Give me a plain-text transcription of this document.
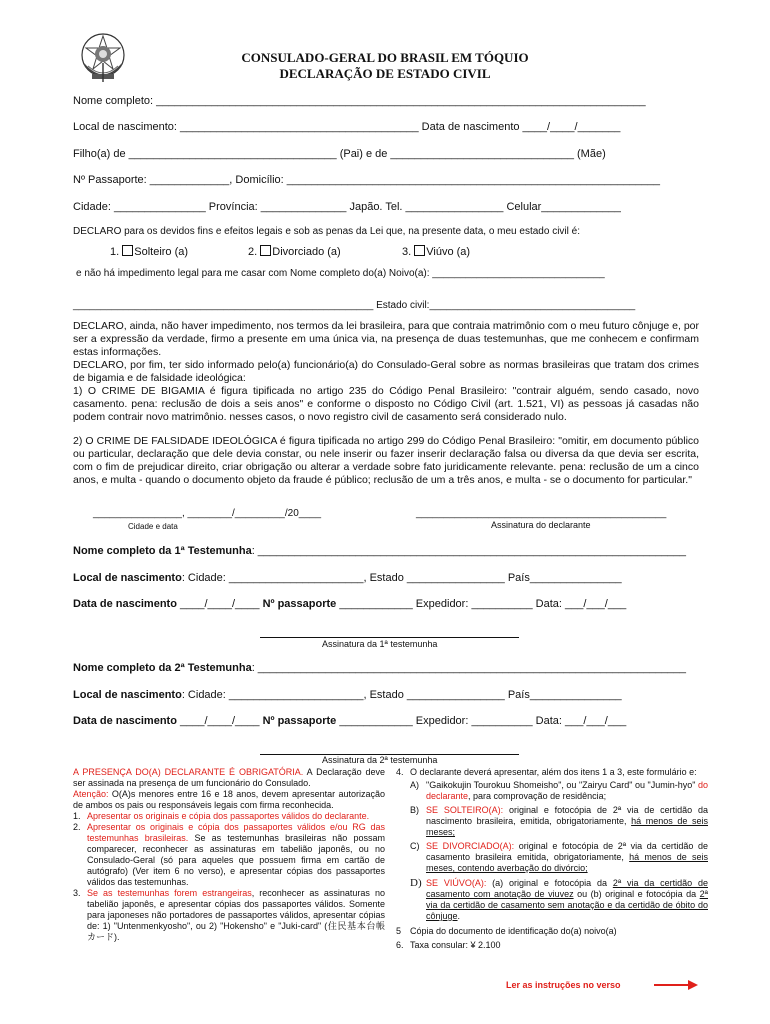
CONSULADO-GERAL DO BRASIL EM TÓQUIO
DECLARAÇÃO DE ESTADO CIVIL
Nome completo: ________________________________________________________________________________
Local de nascimento: _______________________________________ Data de nascimento ____/____/_______
Filho(a) de __________________________________ (Pai) e de ______________________________ (Mãe)
Nº Passaporte: _____________, Domicílio: _____________________________________________________________
Cidade: _______________ Província: ______________ Japão. Tel. ________________ Celular_____________
DECLARO para os devidos fins e efeitos legais e sob as penas da Lei que, na presente data, o meu estado civil é:
1. Solteiro (a)	2. Divorciado (a)	3. Viúvo (a)
e não há impedimento legal para me casar com Nome completo do(a) Noivo(a): _______________________________
______________________________________________________ Estado civil:_____________________________________
DECLARO, ainda, não haver impedimento, nos termos da lei brasileira, para que contraia matrimônio com o meu futuro cônjuge e, por ser a expressão da verdade, firmo a presente em uma única via, na presença de duas testemunhas, que me conhecem e confirmam estas informações.
DECLARO, por fim, ter sido informado pelo(a) funcionário(a) do Consulado-Geral sobre as normas brasileiras que tratam dos crimes de bigamia e de falsidade ideológica:
1) O CRIME DE BIGAMIA é figura tipificada no artigo 235 do Código Penal Brasileiro: "contrair alguém, sendo casado, novo casamento. pena: reclusão de dois a seis anos" e conforme o disposto no Código Civil (art. 1.521, VI) as pessoas já casadas não podem contrair novo matrimônio. nesses casos, o novo registro civil de casamento será considerado nulo.
2) O CRIME DE FALSIDADE IDEOLÓGICA é figura tipificada no artigo 299 do Código Penal Brasileiro: "omitir, em documento público ou particular, declaração que dele devia constar, ou nele inserir ou fazer inserir declaração falsa ou diversa da que devia ser escrita, com o fim de prejudicar direito, criar obrigação ou alterar a verdade sobre fato juridicamente relevante. pena: reclusão de um a cinco anos, e multa - quando o documento objeto da fraude é público; reclusão de um a três anos, e multa - se o documento for particular."
________________, ________/_________/20____
Cidade e data
_____________________________________________
Assinatura do declarante
Nome completo da 1ª Testemunha: ______________________________________________________________________
Local de nascimento: Cidade: ______________________, Estado ________________ País_______________
Data de nascimento ____/____/____ Nº passaporte ____________ Expedidor: __________ Data: ___/___/___
Assinatura da 1ª testemunha
Nome completo da 2ª Testemunha: ______________________________________________________________________
Local de nascimento: Cidade: ______________________, Estado ________________ País_______________
Data de nascimento ____/____/____ Nº passaporte ____________ Expedidor: __________ Data: ___/___/___
Assinatura da 2ª testemunha

A PRESENÇA DO(A) DECLARANTE É OBRIGATÓRIA. A Declaração deve ser assinada na presença de um funcionário do Consulado.

Atenção: O(A)s menores entre 16 e 18 anos, devem apresentar autorização de ambos os pais ou responsáveis legais com firma reconhecida.

1. Apresentar os originais e cópia dos passaportes válidos do declarante.
2. Apresentar os originais e cópia dos passaportes válidos e/ou RG das testemunhas brasileiras. Se as testemunhas brasileiras não possam comparecer, reconhecer as assinaturas em tabelião japonês, ou no Consulado-Geral (só para aqueles que possuem firma em cartão de autógrafo) (Ver item 6 no verso), e apresentar cópias dos passaportes válidos das testemunhas.
3. Se as testemunhas forem estrangeiras, reconhecer as assinaturas no tabelião japonês, e apresentar cópias dos passaportes válidos. Somente para japoneses não portadores de passaportes válidos, apresentar cópias de: 1) "Untenmenkyosho", ou 2) "Hokensho" e "Juki-card" (住民基本台帳カード).
4. O declarante deverá apresentar, além dos itens 1 a 3, este formulário e:
A) "Gaikokujin Tourokuu Shomeisho", ou "Zairyu Card" ou "Jumin-hyo" do declarante, para comprovação de residência;
B) SE SOLTEIRO(A): original e fotocópia de 2ª via de certidão da nascimento brasileira, emitida, obrigatoriamente, há menos de seis meses;
C) SE DIVORCIADO(A): original e fotocópia de 2ª via da certidão de casamento brasileira emitida, obrigatoriamente, há menos de seis meses, contendo averbação do divórcio;
D) SE VIÚVO(A): (a) original e fotocópia da 2ª via da certidão de casamento com anotação de viuvez ou (b) original e fotocópia da 2ª via da certidão de casamento sem anotação e da certidão de óbito do cônjuge.
5 Cópia do documento de identificação do(a) noivo(a)
6. Taxa consular: ¥ 2.100
Ler as instruções no verso
